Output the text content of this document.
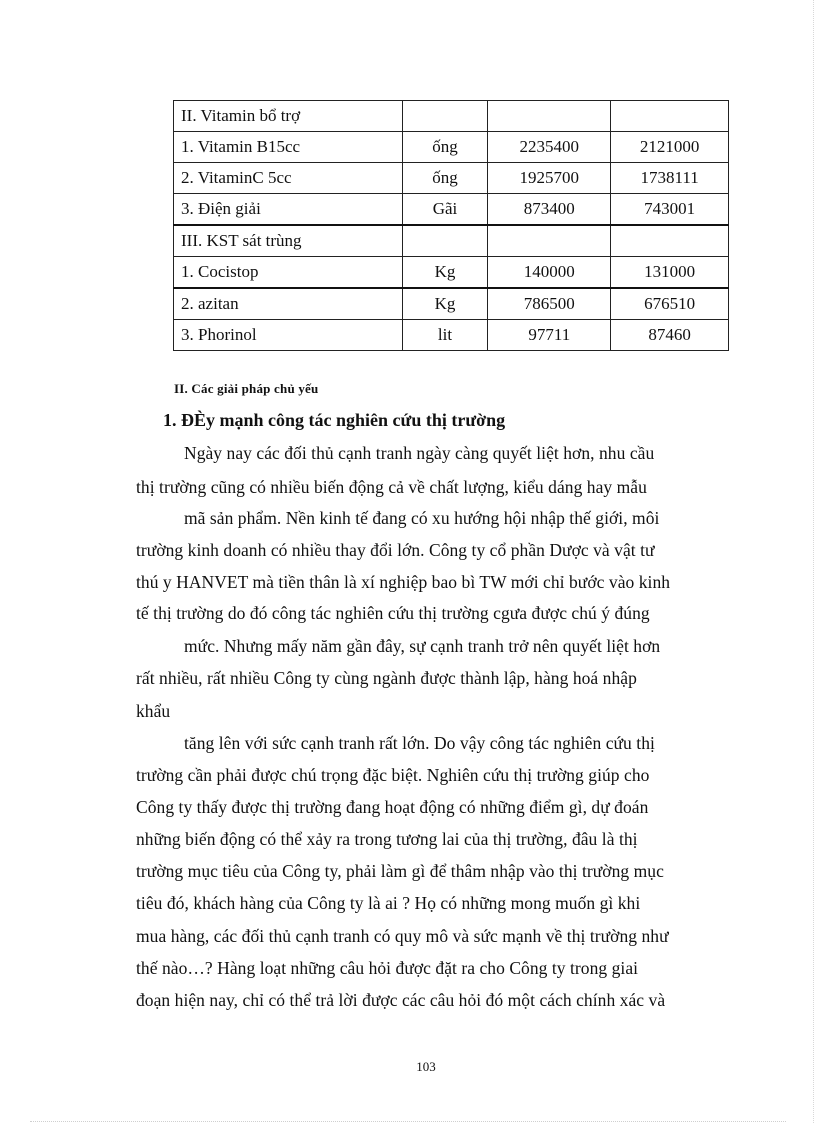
II. Vitamin bổ trợ			
1. Vitamin B15cc	ống	2235400	2121000
2. VitaminC 5cc	ống	1925700	1738111
3. Điện giải	Gãi	873400	743001
III. KST sát trùng			
1. Cocistop	Kg	140000	131000
2. azitan	Kg	786500	676510
3. Phorinol	lit	97711	87460
II. Các giải pháp chủ yếu
1. ĐÈy mạnh công tác nghiên cứu thị trường
Ngày nay các đối thủ cạnh tranh ngày càng quyết liệt hơn, nhu cầu
thị trường cũng có nhiều biến động cả về chất lượng, kiểu dáng hay mẫu
mã sản phẩm. Nền kinh tế đang có xu hướng hội nhập thế giới, môi
trường kinh doanh có nhiều thay đổi lớn. Công ty cổ phần Dược và vật tư
thú y HANVET mà tiền thân là xí nghiệp bao bì TW mới chỉ bước vào kinh
tế thị trường do đó công tác nghiên cứu thị trường cgưa được chú ý đúng
mức. Nhưng mấy năm gần đây, sự cạnh tranh trở nên quyết liệt hơn
rất nhiều, rất nhiều Công ty cùng ngành được thành lập, hàng hoá nhập
khẩu
tăng lên với sức cạnh tranh rất lớn. Do vậy công tác nghiên cứu thị
trường cần phải được chú trọng đặc biệt. Nghiên cứu thị trường giúp cho
Công ty thấy được thị trường đang hoạt động có những điểm gì, dự đoán
những biến động có thể xảy ra trong tương lai của thị trường, đâu là thị
trường mục tiêu của Công ty, phải làm gì để thâm nhập vào thị trường mục
tiêu đó, khách hàng của Công ty là ai ? Họ có những mong muốn gì khi
mua hàng, các đối thủ cạnh tranh có quy mô và sức mạnh về thị trường như
thế nào…? Hàng loạt những câu hỏi được đặt ra cho Công ty trong giai
đoạn hiện nay, chỉ có thể trả lời được các câu hỏi đó một cách chính xác và
103
